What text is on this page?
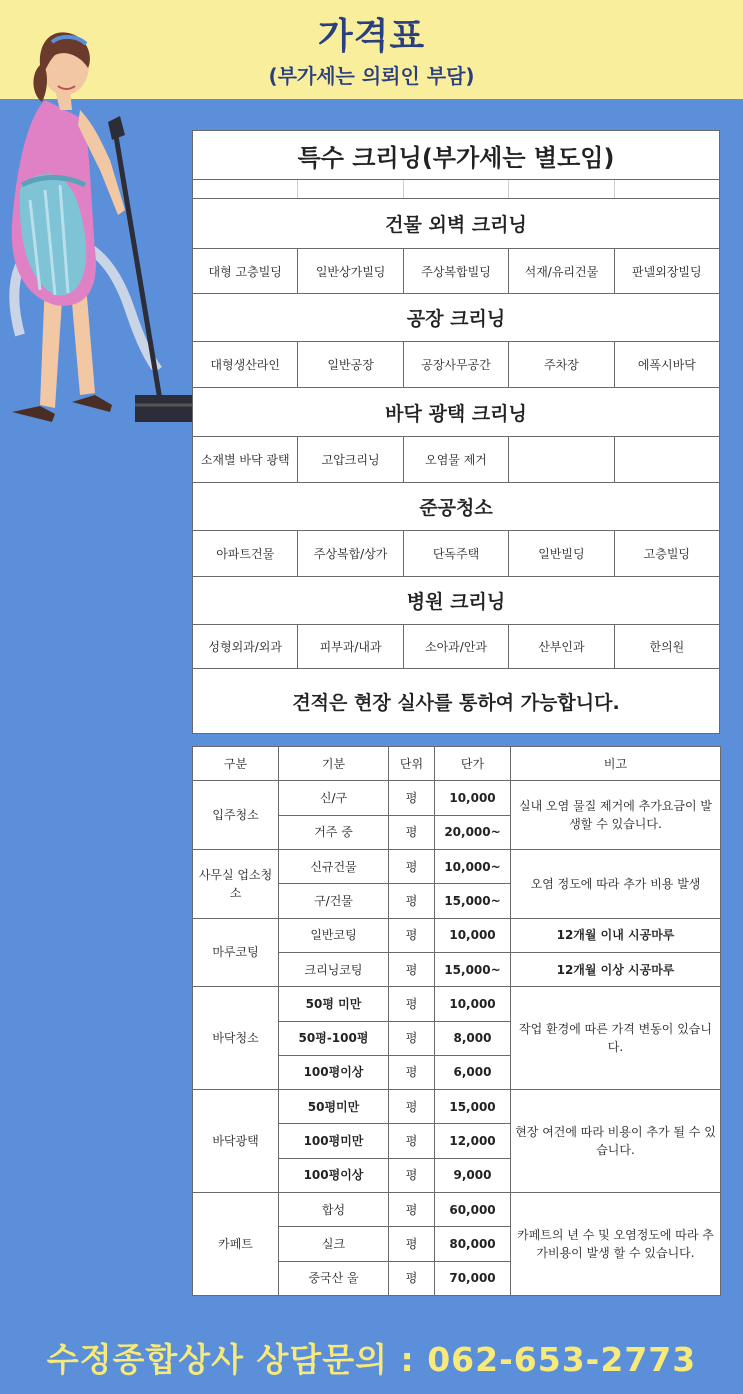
가격표
(부가세는 의뢰인 부담)
특수 크리닝(부가세는 별도임)
건물 외벽 크리닝
대형 고층빌딩	일반상가빌딩	주상복합빌딩	석재/유리건물	판넬외장빌딩
공장 크리닝
대형생산라인	일반공장	공장사무공간	주차장	에폭시바닥
바닥 광택 크리닝
소재별 바닥 광택	고압크리닝	오염물 제거
준공청소
아파트건물	주상복합/상가	단독주택	일반빌딩	고층빌딩
병원 크리닝
성형외과/외과	피부과/내과	소아과/안과	산부인과	한의원
견적은 현장 실사를 통하여 가능합니다.
구분	기분	단위	단가	비고
입주청소	신/구	평	10,000	실내 오염 물질 제거에 추가요금이 발생할 수 있습니다.
	거주 중	평	20,000~	
사무실 업소청소	신규건물	평	10,000~	오염 정도에 따라 추가 비용 발생
	구/건물	평	15,000~	
마루코팅	일반코팅	평	10,000	12개월 이내 시공마루
	크리닝코팅	평	15,000~	12개월 이상 시공마루
바닥청소	50평 미만	평	10,000	작업 환경에 따른 가격 변동이 있습니다.
	50평-100평	평	8,000	
	100평이상	평	6,000	
바닥광택	50평미만	평	15,000	현장 여건에 따라 비용이 추가 될 수 있습니다.
	100평미만	평	12,000	
	100평이상	평	9,000	
카페트	합성	평	60,000	카페트의 년 수 및 오염정도에 따라 추가비용이 발생 할 수 있습니다.
	실크	평	80,000	
	중국산 울	평	70,000	
수정종합상사 상담문의 : 062-653-2773
